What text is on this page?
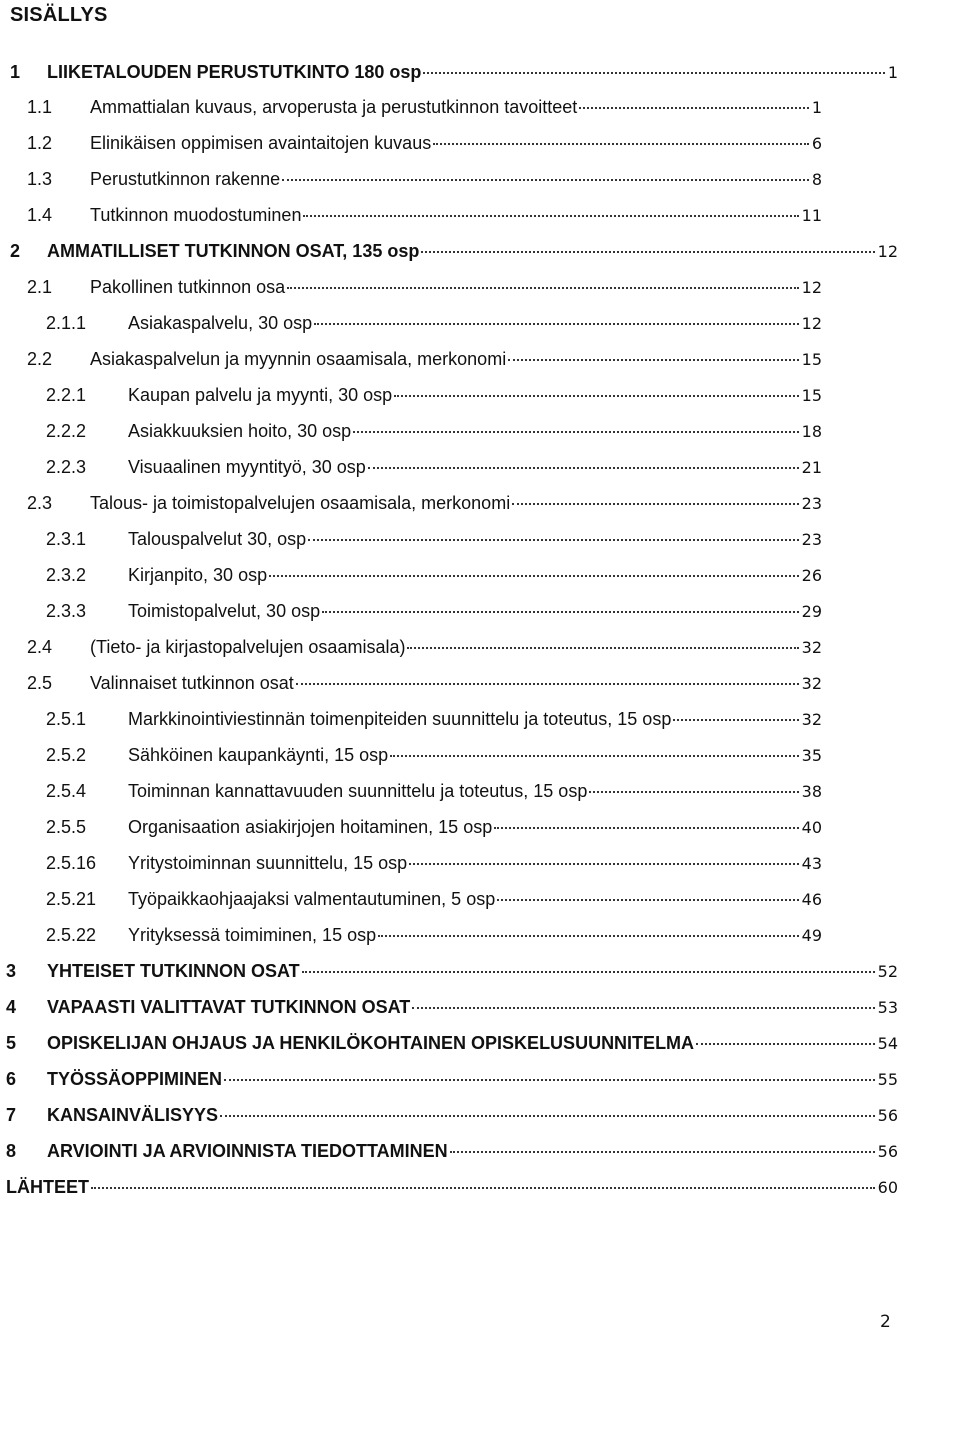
SISÄLLYS
1	LIIKETALOUDEN PERUSTUTKINTO 180 osp	1
1.1	Ammattialan kuvaus, arvoperusta ja perustutkinnon tavoitteet	1
1.2	Elinikäisen oppimisen avaintaitojen kuvaus	6
1.3	Perustutkinnon rakenne	8
1.4	Tutkinnon muodostuminen	11
2	AMMATILLISET TUTKINNON OSAT, 135 osp	12
2.1	Pakollinen tutkinnon osa	12
2.1.1	Asiakaspalvelu, 30 osp	12
2.2	Asiakaspalvelun ja myynnin osaamisala, merkonomi	15
2.2.1	Kaupan palvelu ja myynti, 30 osp	15
2.2.2	Asiakkuuksien hoito, 30 osp	18
2.2.3	Visuaalinen myyntityö, 30 osp	21
2.3	Talous- ja toimistopalvelujen osaamisala, merkonomi	23
2.3.1	Talouspalvelut 30, osp	23
2.3.2	Kirjanpito, 30 osp	26
2.3.3	Toimistopalvelut, 30 osp	29
2.4	(Tieto- ja kirjastopalvelujen osaamisala)	32
2.5	Valinnaiset tutkinnon osat	32
2.5.1	Markkinointiviestinnän toimenpiteiden suunnittelu ja toteutus, 15 osp	32
2.5.2	Sähköinen kaupankäynti, 15 osp	35
2.5.4	Toiminnan kannattavuuden suunnittelu ja toteutus, 15 osp	38
2.5.5	Organisaation asiakirjojen hoitaminen, 15 osp	40
2.5.16	Yritystoiminnan suunnittelu, 15 osp	43
2.5.21	Työpaikkaohjaajaksi valmentautuminen, 5 osp	46
2.5.22	Yrityksessä toimiminen, 15 osp	49
3	YHTEISET TUTKINNON OSAT	52
4	VAPAASTI VALITTAVAT TUTKINNON OSAT	53
5	OPISKELIJAN OHJAUS JA HENKILÖKOHTAINEN OPISKELUSUUNNITELMA	54
6	TYÖSSÄOPPIMINEN	55
7	KANSAINVÄLISYYS	56
8	ARVIOINTI JA ARVIOINNISTA TIEDOTTAMINEN	56
LÄHTEET	60
2
